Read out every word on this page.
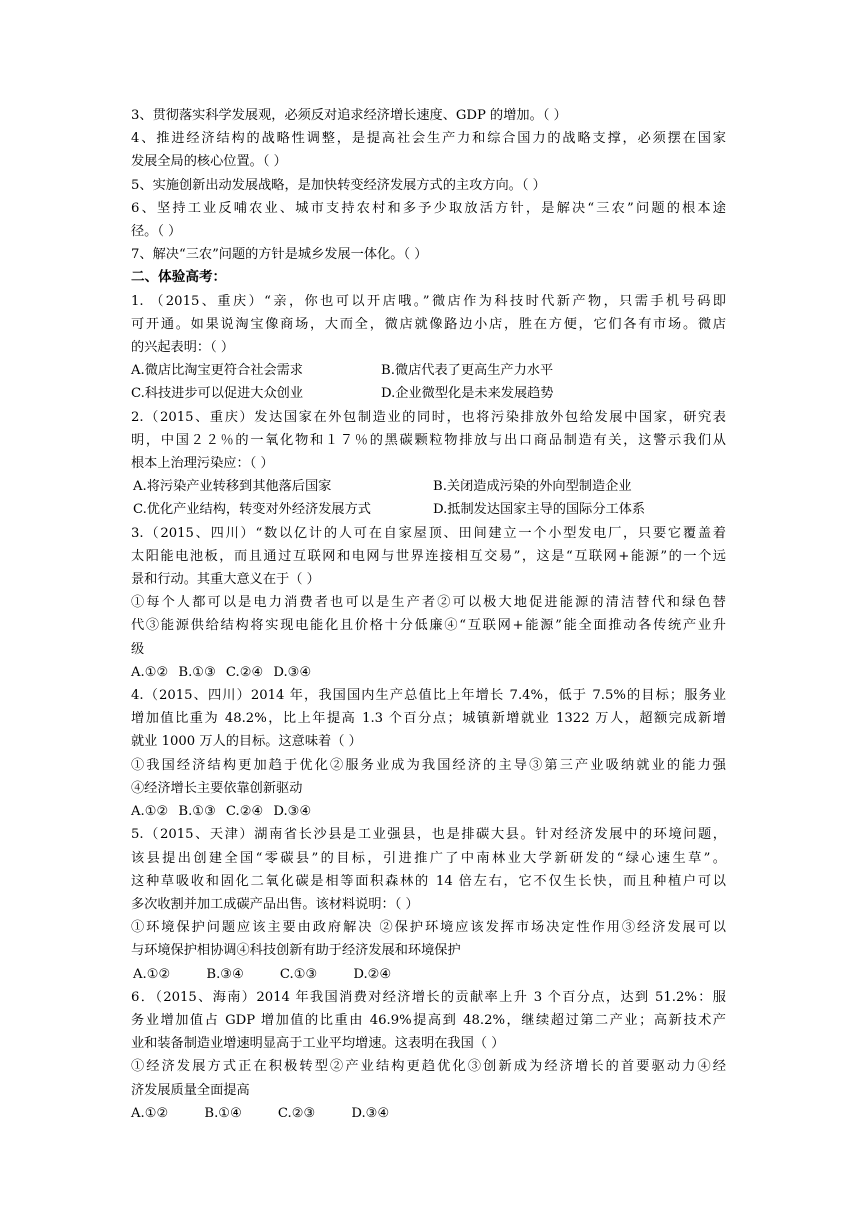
3、贯彻落实科学发展观，必须反对追求经济增长速度、GDP 的增加。（ ）
4、推进经济结构的战略性调整，是提高社会生产力和综合国力的战略支撑，必须摆在国家
发展全局的核心位置。（ ）
5、实施创新出动发展战略，是加快转变经济发展方式的主攻方向。（ ）
6、坚持工业反哺农业、城市支持农村和多予少取放活方针，是解决“三农”问题的根本途
径。（ ）
7、解决“三农”问题的方针是城乡发展一体化。（ ）
二、体验高考：
1. （2015、重庆）“亲，你也可以开店哦。”微店作为科技时代新产物，只需手机号码即
可开通。如果说淘宝像商场，大而全，微店就像路边小店，胜在方便，它们各有市场。微店
的兴起表明：（ ）
A.微店比淘宝更符合社会需求	B.微店代表了更高生产力水平
C.科技进步可以促进大众创业	D.企业微型化是未来发展趋势
2.（2015、重庆）发达国家在外包制造业的同时，也将污染排放外包给发展中国家，研究表
明，中国２２％的一氧化物和１７％的黑碳颗粒物排放与出口商品制造有关，这警示我们从
根本上治理污染应：（ ）
A.将污染产业转移到其他落后国家	B.关闭造成污染的外向型制造企业
C.优化产业结构，转变对外经济发展方式	D.抵制发达国家主导的国际分工体系
3.（2015、四川）“数以亿计的人可在自家屋顶、田间建立一个小型发电厂，只要它覆盖着
太阳能电池板，而且通过互联网和电网与世界连接相互交易”，这是“互联网+能源”的一个远
景和行动。其重大意义在于（ ）
①每个人都可以是电力消费者也可以是生产者②可以极大地促进能源的清洁替代和绿色替
代③能源供给结构将实现电能化且价格十分低廉④“互联网+能源”能全面推动各传统产业升
级
A.①② B.①③ C.②④ D.③④
4.（2015、四川）2014 年，我国国内生产总值比上年增长 7.4%，低于 7.5%的目标；服务业
增加值比重为 48.2%，比上年提高 1.3 个百分点；城镇新增就业 1322 万人，超额完成新增
就业 1000 万人的目标。这意味着（ ）
①我国经济结构更加趋于优化②服务业成为我国经济的主导③第三产业吸纳就业的能力强
④经济增长主要依靠创新驱动
A.①② B.①③ C.②④ D.③④
5.（2015、天津）湖南省长沙县是工业强县，也是排碳大县。针对经济发展中的环境问题，
该县提出创建全国“零碳县”的目标，引进推广了中南林业大学新研发的“绿心速生草”。
这种草吸收和固化二氧化碳是相等面积森林的 14 倍左右，它不仅生长快，而且种植户可以
多次收割并加工成碳产品出售。该材料说明：（ ）
①环境保护问题应该主要由政府解决 ②保护环境应该发挥市场决定性作用③经济发展可以
与环境保护相协调④科技创新有助于经济发展和环境保护
A.①②	B.③④	C.①③	D.②④
6．（2015、海南）2014 年我国消费对经济增长的贡献率上升 3 个百分点，达到 51.2%：服
务业增加值占 GDP 增加值的比重由 46.9%提高到 48.2%，继续超过第二产业；高新技术产
业和装备制造业增速明显高于工业平均增速。这表明在我国（ ）
①经济发展方式正在积极转型②产业结构更趋优化③创新成为经济增长的首要驱动力④经
济发展质量全面提高
A.①②	B.①④	C.②③	D.③④
